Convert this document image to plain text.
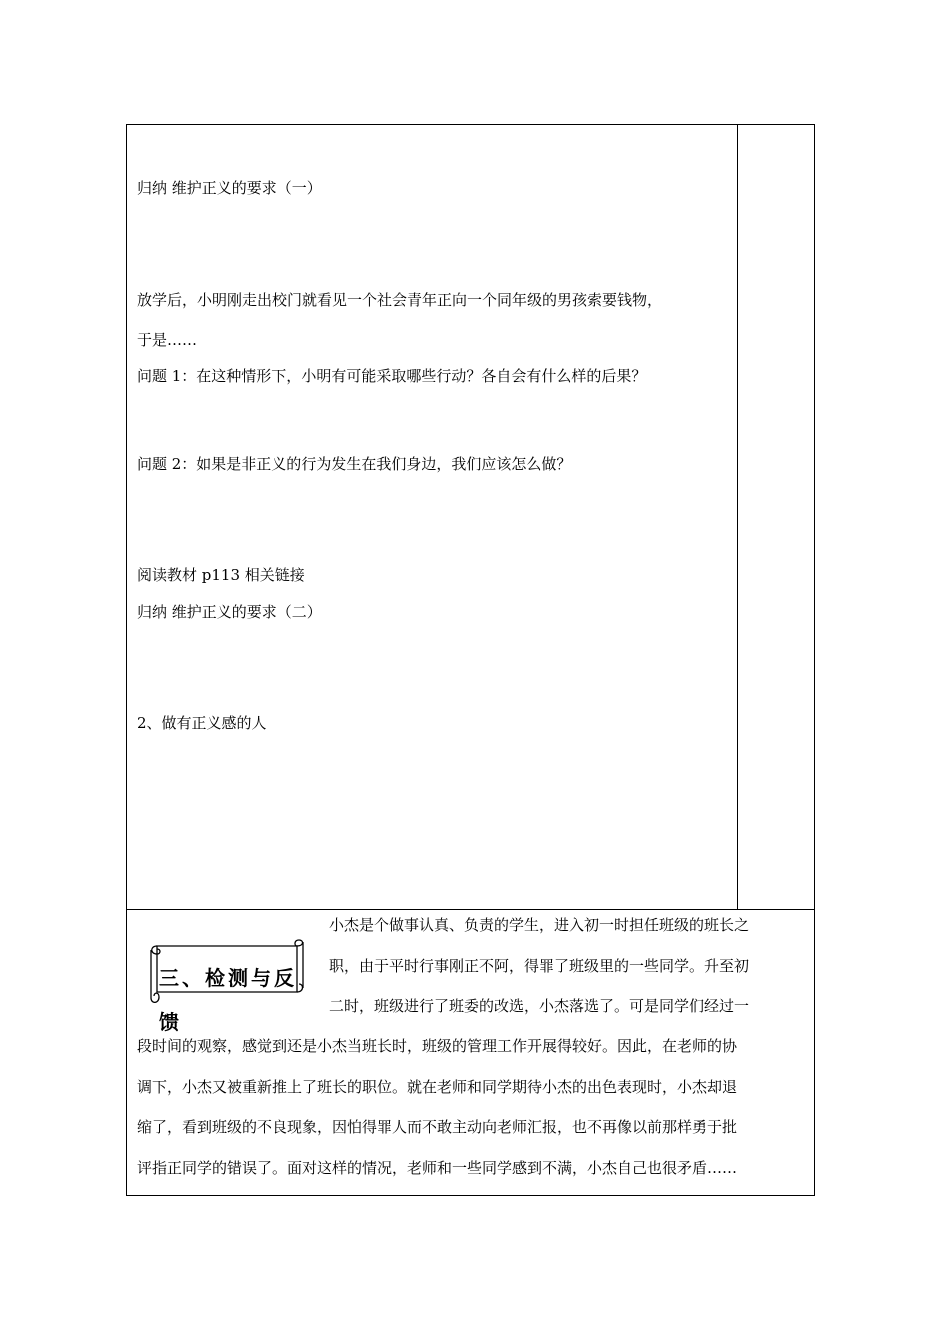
归纳 维护正义的要求（一）
放学后，小明刚走出校门就看见一个社会青年正向一个同年级的男孩索要钱物，
于是……
问题 1：在这种情形下，小明有可能采取哪些行动？各自会有什么样的后果？
问题 2：如果是非正义的行为发生在我们身边，我们应该怎么做？
阅读教材 p113 相关链接
归纳 维护正义的要求（二）
2、做有正义感的人
三、检测与反
馈
小杰是个做事认真、负责的学生，进入初一时担任班级的班长之
职，由于平时行事刚正不阿，得罪了班级里的一些同学。升至初
二时，班级进行了班委的改选，小杰落选了。可是同学们经过一
段时间的观察，感觉到还是小杰当班长时，班级的管理工作开展得较好。因此，在老师的协
调下，小杰又被重新推上了班长的职位。就在老师和同学期待小杰的出色表现时，小杰却退
缩了，看到班级的不良现象，因怕得罪人而不敢主动向老师汇报，也不再像以前那样勇于批
评指正同学的错误了。面对这样的情况，老师和一些同学感到不满，小杰自己也很矛盾……
